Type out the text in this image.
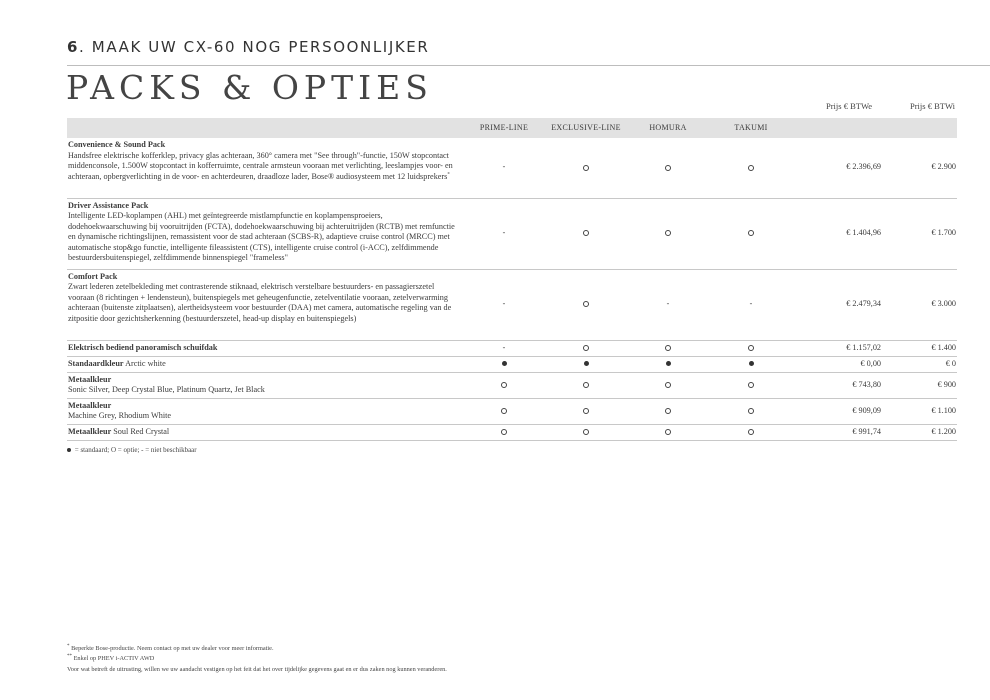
6. MAAK UW CX-60 NOG PERSOONLIJKER
PACKS & OPTIES	Prijs € BTWe	Prijs € BTWi
	PRIME-LINE	EXCLUSIVE-LINE	HOMURA	TAKUMI		
Convenience & Sound Pack
Handsfree elektrische kofferklep, privacy glas achteraan, 360° camera met "See through"-functie, 150W stopcontact middenconsole, 1.500W stopcontact in kofferruimte, centrale armsteun vooraan met verlichting, leeslampjes voor- en achteraan, opbergverlichting in de voor- en achterdeuren, draadloze lader, Bose® audiosysteem met 12 luidsprekers*	-				€ 2.396,69	€ 2.900
Driver Assistance Pack
Intelligente LED-koplampen (AHL) met geïntegreerde mistlampfunctie en koplampensproeiers, dodehoekwaarschuwing bij vooruitrijden (FCTA), dodehoekwaarschuwing bij achteruitrijden (RCTB) met remfunctie en dynamische richtingslijnen, remassistent voor de stad achteraan (SCBS-R), adaptieve cruise control (MRCC) met automatische stop&go functie, intelligente fileassistent (CTS), intelligente cruise control (i-ACC), zelfdimmende bestuurdersbuitenspiegel, zelfdimmende binnenspiegel "frameless"	-				€ 1.404,96	€ 1.700
Comfort Pack
Zwart lederen zetelbekleding met contrasterende stiknaad, elektrisch verstelbare bestuurders- en passagierszetel vooraan (8 richtingen + lendensteun), buitenspiegels met geheugenfunctie, zetelventilatie vooraan, zetelverwarming achteraan (buitenste zitplaatsen), alertheidsysteem voor bestuurder (DAA) met camera, automatische regeling van de zitpositie door gezichtsherkenning (bestuurderszetel, head-up display en buitenspiegels)	-		-	-	€ 2.479,34	€ 3.000
Elektrisch bediend panoramisch schuifdak	-				€ 1.157,02	€ 1.400
Standaardkleur Arctic white					€ 0,00	€ 0
Metaalkleur
Sonic Silver, Deep Crystal Blue, Platinum Quartz, Jet Black					€ 743,80	€ 900
Metaalkleur
Machine Grey, Rhodium White					€ 909,09	€ 1.100
Metaalkleur Soul Red Crystal					€ 991,74	€ 1.200
= standaard; O = optie; - = niet beschikbaar
* Beperkte Bose-productie. Neem contact op met uw dealer voor meer informatie.
** Enkel op PHEV i-ACTIV AWD
Voor wat betreft de uitrusting, willen we uw aandacht vestigen op het feit dat het over tijdelijke gegevens gaat en er dus zaken nog kunnen veranderen.
